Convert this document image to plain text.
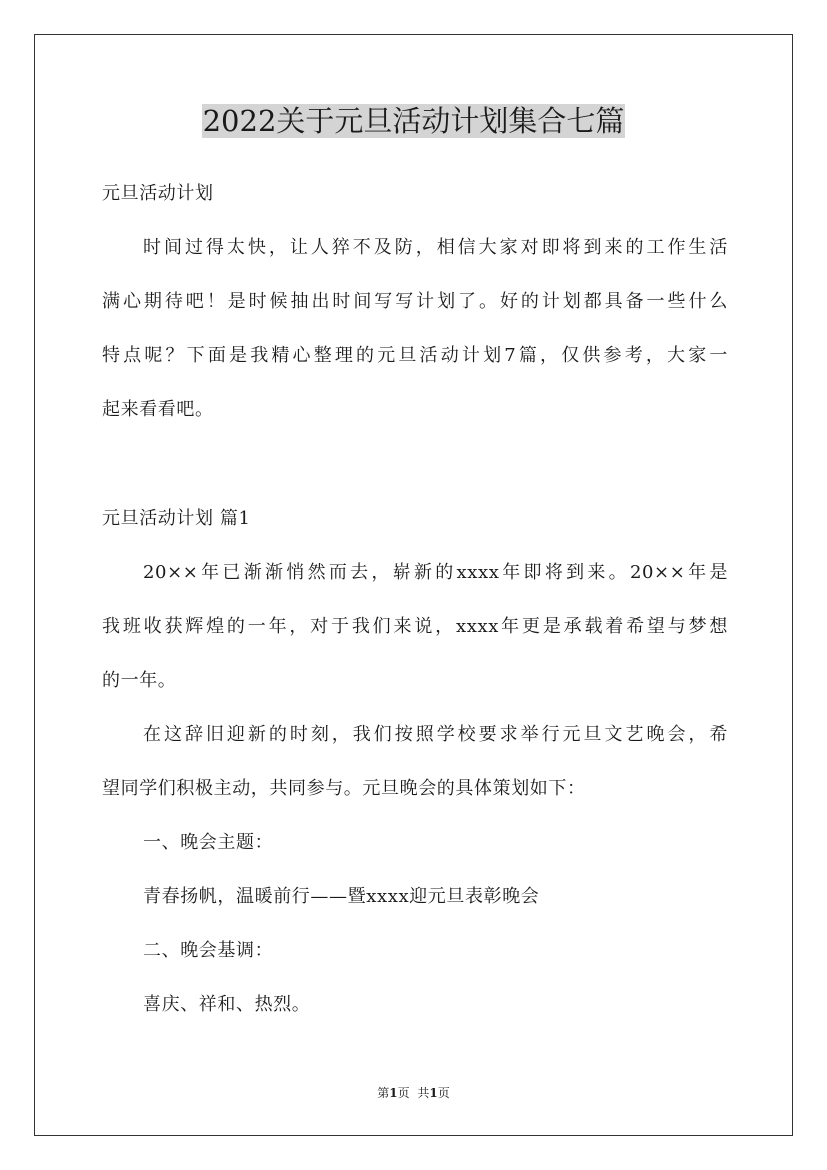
2022关于元旦活动计划集合七篇
元旦活动计划
时间过得太快，让人猝不及防，相信大家对即将到来的工作生活
满心期待吧！是时候抽出时间写写计划了。好的计划都具备一些什么
特点呢？下面是我精心整理的元旦活动计划7篇，仅供参考，大家一
起来看看吧。
元旦活动计划 篇1
20××年已渐渐悄然而去，崭新的xxxx年即将到来。20××年是
我班收获辉煌的一年，对于我们来说，xxxx年更是承载着希望与梦想
的一年。
在这辞旧迎新的时刻，我们按照学校要求举行元旦文艺晚会，希
望同学们积极主动，共同参与。元旦晚会的具体策划如下：
一、晚会主题：
青春扬帆，温暖前行——暨xxxx迎元旦表彰晚会
二、晚会基调：
喜庆、祥和、热烈。
第1页 共1页
